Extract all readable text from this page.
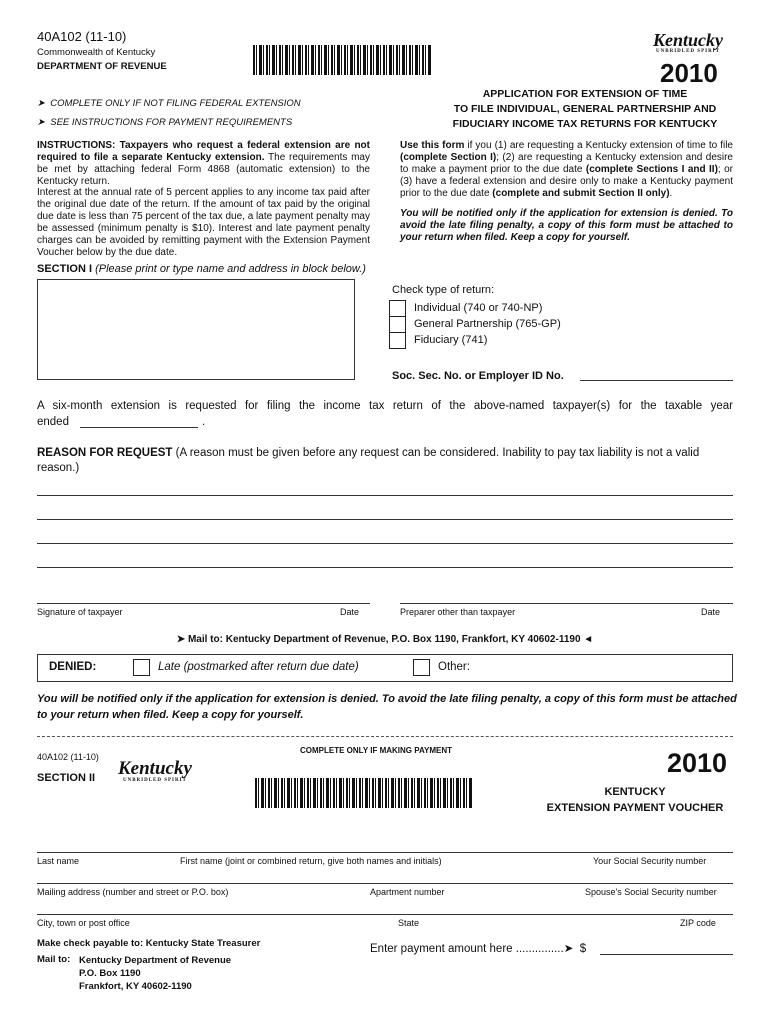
40A102 (11-10)
Commonwealth of Kentucky
DEPARTMENT OF REVENUE
Kentucky
UNBRIDLED SPIRIT
2010
➤  COMPLETE ONLY IF NOT FILING FEDERAL EXTENSION
➤  SEE INSTRUCTIONS FOR PAYMENT REQUIREMENTS
APPLICATION FOR EXTENSION OF TIME
TO FILE INDIVIDUAL, GENERAL PARTNERSHIP AND
FIDUCIARY INCOME TAX RETURNS FOR KENTUCKY
INSTRUCTIONS: Taxpayers who request a federal extension are not required to file a separate Kentucky extension. The requirements may be met by attaching federal Form 4868 (automatic extension) to the Kentucky return.
Interest at the annual rate of 5 percent applies to any income tax paid after the original due date of the return. If the amount of tax paid by the original due date is less than 75 percent of the tax due, a late payment penalty may be assessed (minimum penalty is $10). Interest and late payment penalty charges can be avoided by remitting payment with the Extension Payment Voucher below by the due date.
Use this form if you (1) are requesting a Kentucky extension of time to file (complete Section I); (2) are requesting a Kentucky extension and desire to make a payment prior to the due date (complete Sections I and II); or (3) have a federal extension and desire only to make a Kentucky payment prior to the due date (complete and submit Section II only).
You will be notified only if the application for extension is denied. To avoid the late filing penalty, a copy of this form must be attached to your return when filed. Keep a copy for yourself.
SECTION I (Please print or type name and address in block below.)
Check type of return:
Individual (740 or 740-NP)
General Partnership (765-GP)
Fiduciary (741)
Soc. Sec. No. or Employer ID No.
A six-month extension is requested for filing the income tax return of the above-named taxpayer(s) for the taxable year
ended	.
REASON FOR REQUEST (A reason must be given before any request can be considered. Inability to pay tax liability is not a valid reason.)
Signature of taxpayer	Date	Preparer other than taxpayer	Date
➤ Mail to: Kentucky Department of Revenue, P.O. Box 1190, Frankfort, KY 40602-1190 ◄
DENIED:	Late (postmarked after return due date)	Other:
You will be notified only if the application for extension is denied. To avoid the late filing penalty, a copy of this form must be attached to your return when filed. Keep a copy for yourself.
40A102 (11-10)
COMPLETE ONLY IF MAKING PAYMENT
SECTION II Kentucky
UNBRIDLED SPIRIT
2010
KENTUCKY
EXTENSION PAYMENT VOUCHER
Last name	First name (joint or combined return, give both names and initials)	Your Social Security number
Mailing address (number and street or P.O. box)	Apartment number	Spouse's Social Security number
City, town or post office	State	ZIP code
Make check payable to: Kentucky State Treasurer
Mail to: Kentucky Department of Revenue
P.O. Box 1190
Frankfort, KY 40602-1190
Enter payment amount here ...............➤  $
